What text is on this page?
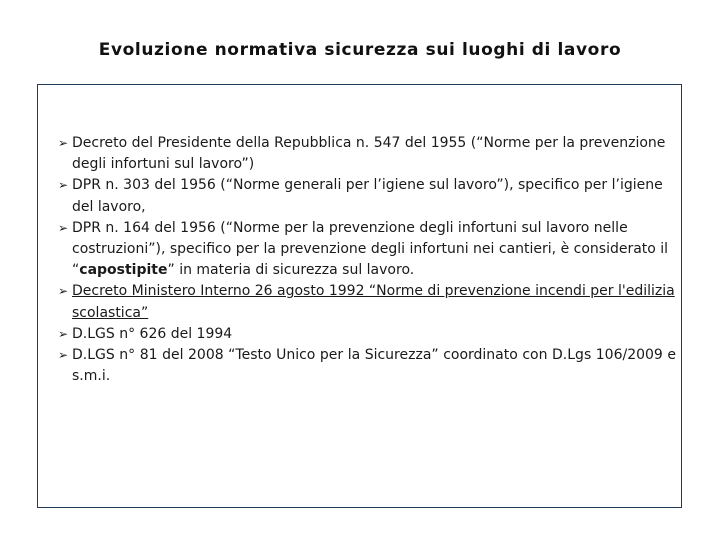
Evoluzione normativa sicurezza sui luoghi di lavoro
➢ Decreto del Presidente della Repubblica n. 547 del 1955 (“Norme per la prevenzione degli infortuni sul lavoro”)
➢ DPR n. 303 del 1956 (“Norme generali per l’igiene sul lavoro”), specifico per l’igiene del lavoro,
➢ DPR n. 164 del 1956 (“Norme per la prevenzione degli infortuni sul lavoro nelle costruzioni”), specifico per la prevenzione degli infortuni nei cantieri, è considerato il “capostipite” in materia di sicurezza sul lavoro.
➢ Decreto Ministero Interno 26 agosto 1992 “Norme di prevenzione incendi per l'edilizia scolastica”
➢ D.LGS n° 626 del 1994
➢ D.LGS n° 81 del 2008 “Testo Unico per la Sicurezza” coordinato con D.Lgs 106/2009 e s.m.i.
